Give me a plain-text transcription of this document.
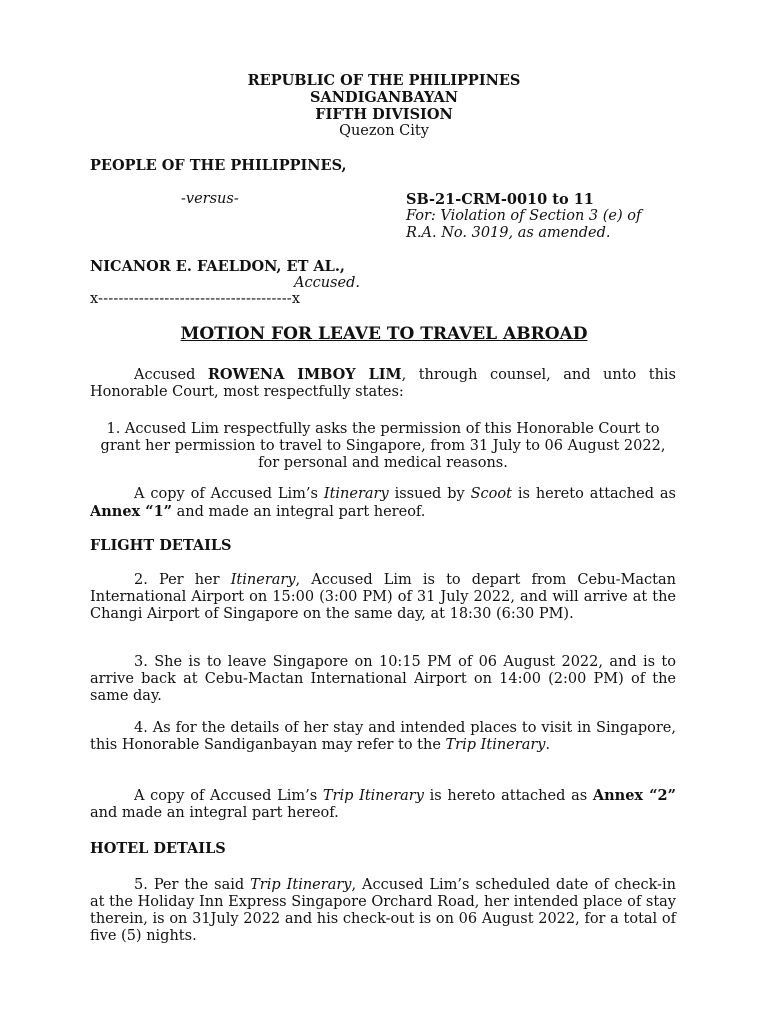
REPUBLIC OF THE PHILIPPINES
SANDIGANBAYAN
FIFTH DIVISION
Quezon City
PEOPLE OF THE PHILIPPINES,
-versus-	SB-21-CRM-0010 to 11
For: Violation of Section 3 (e) of
R.A. No. 3019, as amended.
NICANOR E. FAELDON, ET AL.,
Accused.
x--------------------------------------x
MOTION FOR LEAVE TO TRAVEL ABROAD
Accused ROWENA IMBOY LIM, through counsel, and unto this Honorable Court, most respectfully states:
1. Accused Lim respectfully asks the permission of this Honorable Court to grant her permission to travel to Singapore, from 31 July to 06 August 2022, for personal and medical reasons.
A copy of Accused Lim’s Itinerary issued by Scoot is hereto attached as Annex “1” and made an integral part hereof.
FLIGHT DETAILS
2. Per her Itinerary, Accused Lim is to depart from Cebu-Mactan International Airport on 15:00 (3:00 PM) of 31 July 2022, and will arrive at the Changi Airport of Singapore on the same day, at 18:30 (6:30 PM).
3. She is to leave Singapore on 10:15 PM of 06 August 2022, and is to arrive back at Cebu-Mactan International Airport on 14:00 (2:00 PM) of the same day.
4. As for the details of her stay and intended places to visit in Singapore, this Honorable Sandiganbayan may refer to the Trip Itinerary.
A copy of Accused Lim’s Trip Itinerary is hereto attached as Annex “2” and made an integral part hereof.
HOTEL DETAILS
5. Per the said Trip Itinerary, Accused Lim’s scheduled date of check-in at the Holiday Inn Express Singapore Orchard Road, her intended place of stay therein, is on 31July 2022 and his check-out is on 06 August 2022, for a total of five (5) nights.
